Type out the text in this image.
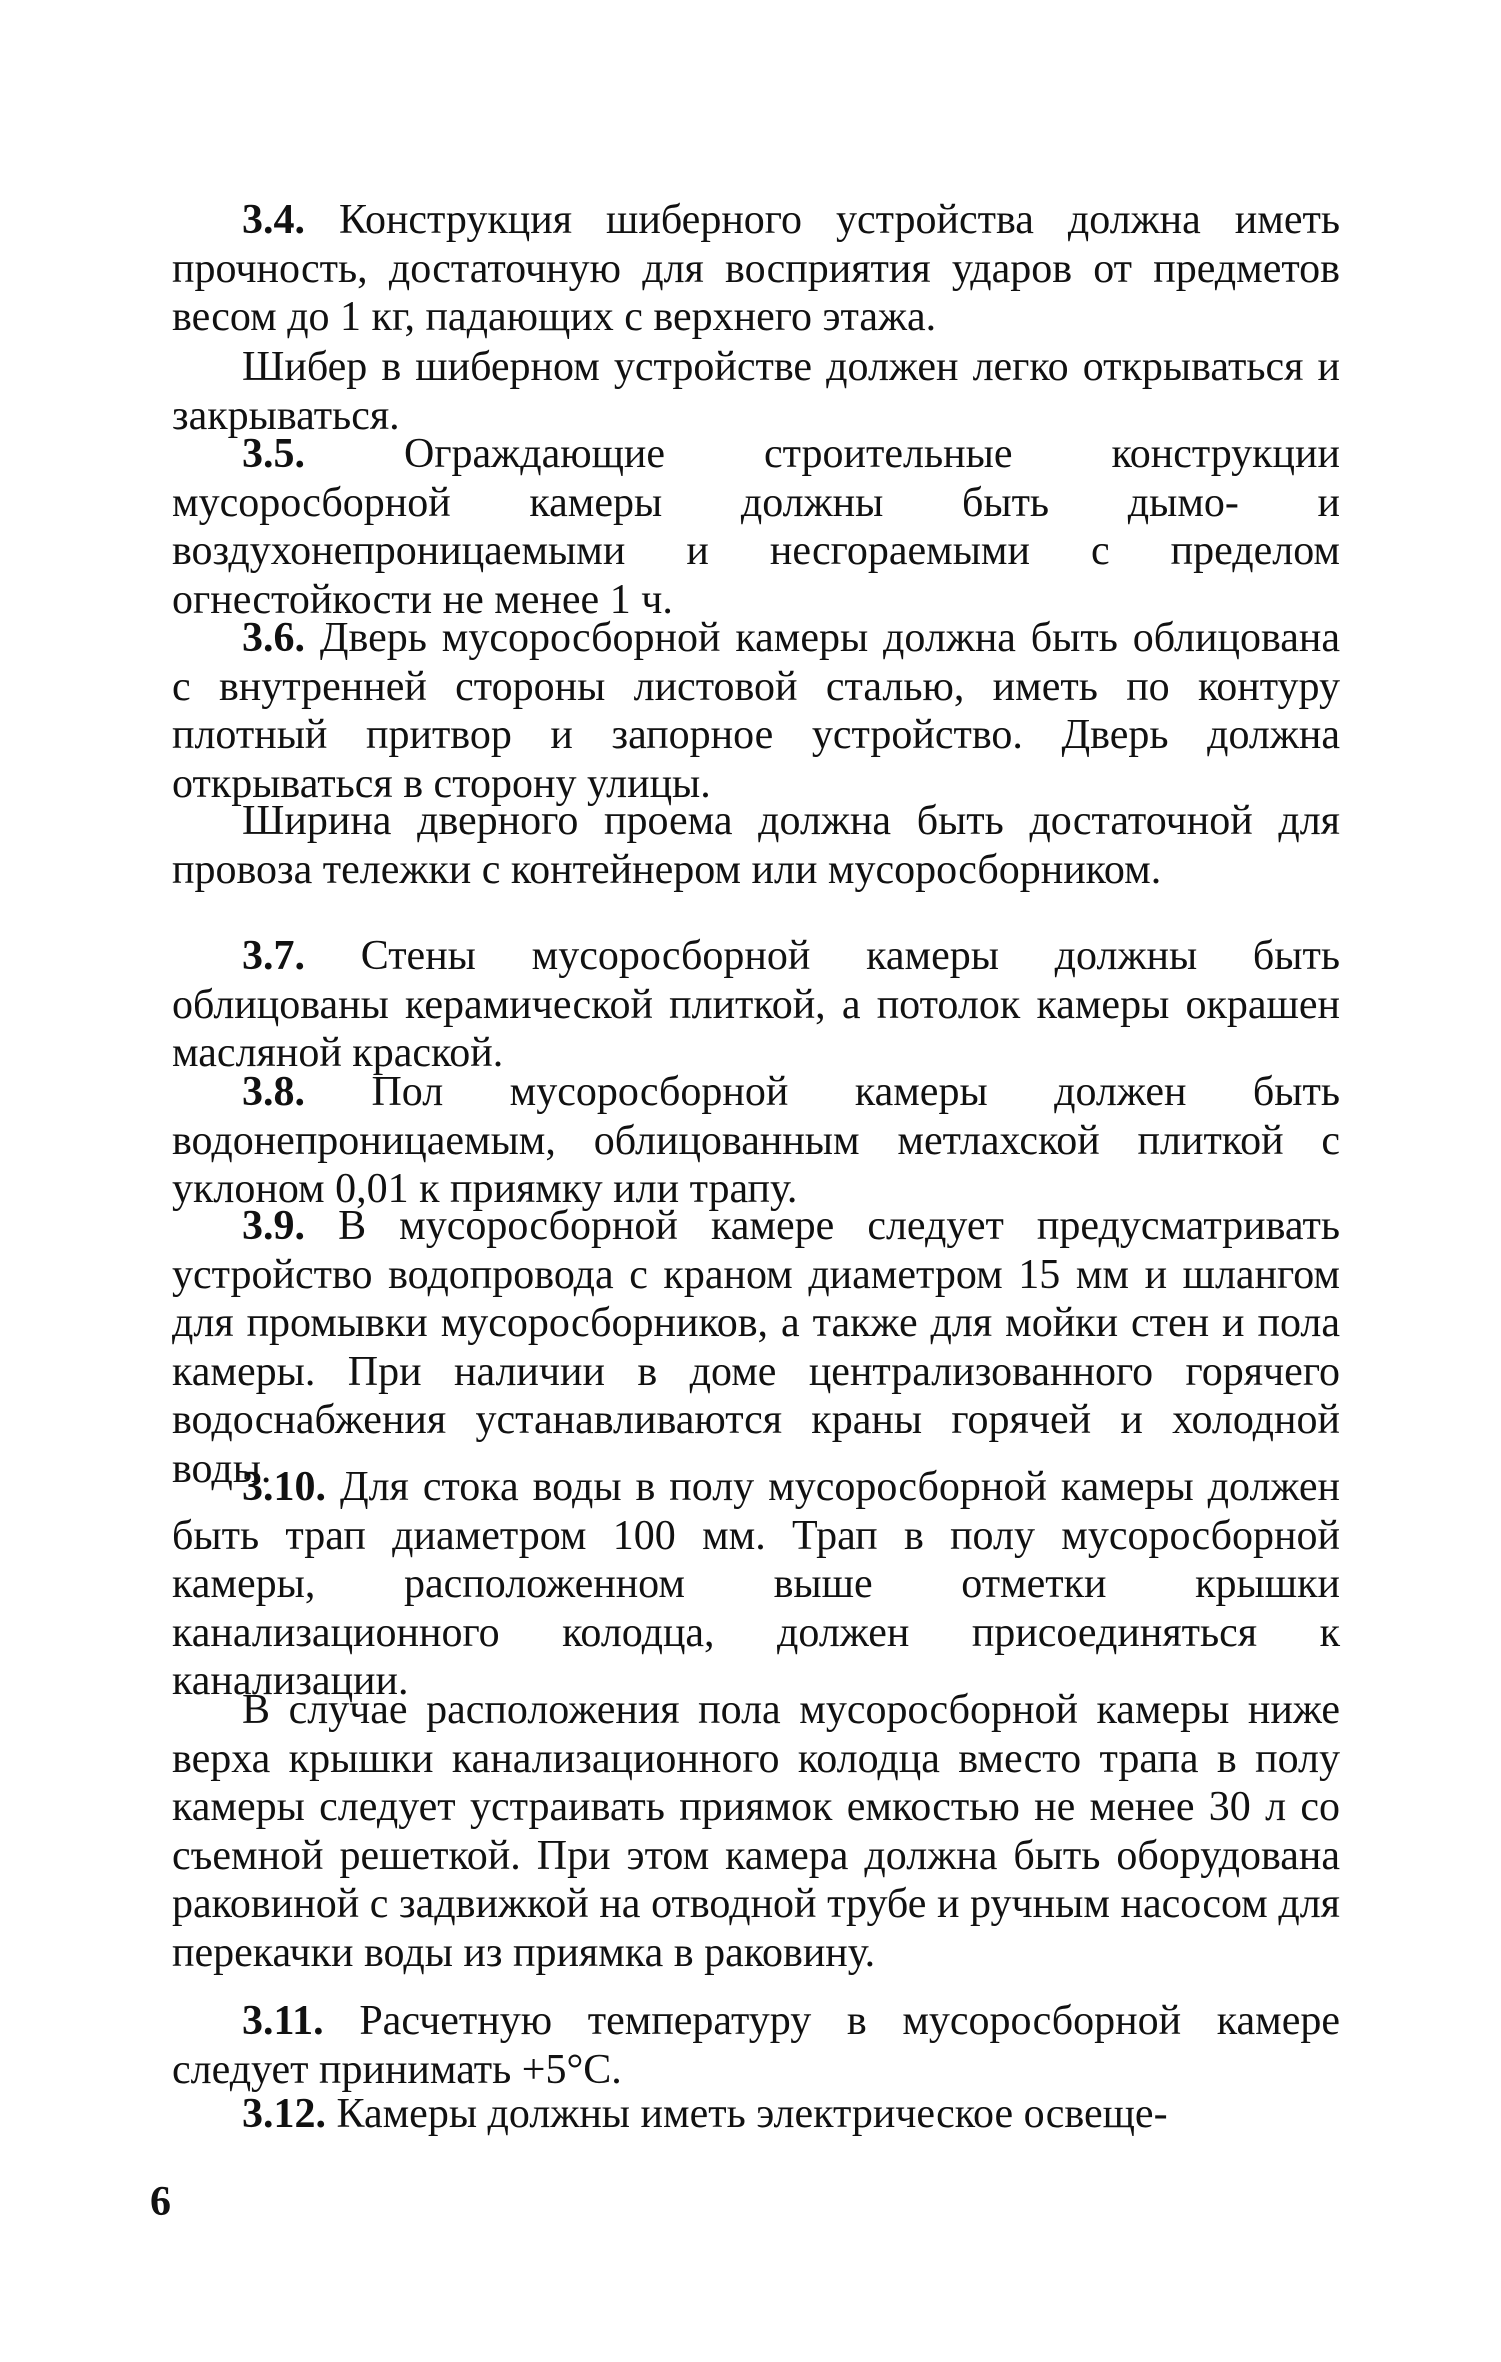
3.4. Конструкция шиберного устройства должна иметь прочность, достаточную для восприятия ударов от предметов весом до 1 кг, падающих с верхнего этажа.

Шибер в шиберном устройстве должен легко открываться и закрываться.

3.5. Ограждающие строительные конструкции мусоросборной камеры должны быть дымо- и воздухонепроницаемыми и несгораемыми с пределом огнестойкости не менее 1 ч.

3.6. Дверь мусоросборной камеры должна быть облицована с внутренней стороны листовой сталью, иметь по контуру плотный притвор и запорное устройство. Дверь должна открываться в сторону улицы.

Ширина дверного проема должна быть достаточной для провоза тележки с контейнером или мусоросборником.

3.7. Стены мусоросборной камеры должны быть облицованы керамической плиткой, а потолок камеры окрашен масляной краской.

3.8. Пол мусоросборной камеры должен быть водонепроницаемым, облицованным метлахской плиткой с уклоном 0,01 к приямку или трапу.

3.9. В мусоросборной камере следует предусматривать устройство водопровода с краном диаметром 15 мм и шлангом для промывки мусоросборников, а также для мойки стен и пола камеры. При наличии в доме централизованного горячего водоснабжения устанавливаются краны горячей и холодной воды.

3.10. Для стока воды в полу мусоросборной камеры должен быть трап диаметром 100 мм. Трап в полу мусоросборной камеры, расположенном выше отметки крышки канализационного колодца, должен присоединяться к канализации.

В случае расположения пола мусоросборной камеры ниже верха крышки канализационного колодца вместо трапа в полу камеры следует устраивать приямок емкостью не менее 30 л со съемной решеткой. При этом камера должна быть оборудована раковиной с задвижкой на отводной трубе и ручным насосом для перекачки воды из приямка в раковину.

3.11. Расчетную температуру в мусоросборной камере следует принимать +5°С.

3.12. Камеры должны иметь электрическое освеще-

6
